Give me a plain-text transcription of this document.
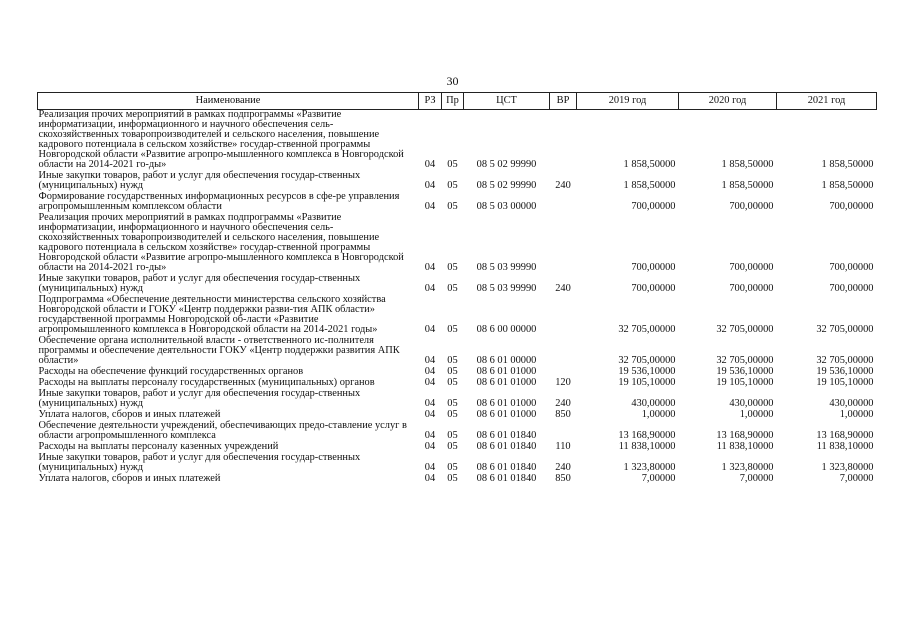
30
Наименование	РЗ	Пр	ЦСТ	ВР	2019 год	2020 год	2021 год
Реализация прочих мероприятий в рамках подпрограммы «Развитие информатизации, информационного и научного обеспечения сель-скохозяйственных товаропроизводителей и сельского населения, повышение кадрового потенциала в сельском хозяйстве» государ-ственной программы Новгородской области «Развитие агропро-мышленного комплекса в Новгородской области на 2014-2021 го-ды»	04	05	08 5 02 99990		1 858,50000	1 858,50000	1 858,50000
Иные закупки товаров, работ и услуг для обеспечения государ-ственных (муниципальных) нужд	04	05	08 5 02 99990	240	1 858,50000	1 858,50000	1 858,50000
Формирование государственных информационных ресурсов в сфе-ре управления агропромышленным комплексом области	04	05	08 5 03 00000		700,00000	700,00000	700,00000
Реализация прочих мероприятий в рамках подпрограммы «Развитие информатизации, информационного и научного обеспечения сель-скохозяйственных товаропроизводителей и сельского населения, повышение кадрового потенциала в сельском хозяйстве» государ-ственной программы Новгородской области «Развитие агропро-мышленного комплекса в Новгородской области на 2014-2021 го-ды»	04	05	08 5 03 99990		700,00000	700,00000	700,00000
Иные закупки товаров, работ и услуг для обеспечения государ-ственных (муниципальных) нужд	04	05	08 5 03 99990	240	700,00000	700,00000	700,00000
Подпрограмма «Обеспечение деятельности министерства сельского хозяйства Новгородской области и ГОКУ «Центр поддержки разви-тия АПК области» государственной программы Новгородской об-ласти «Развитие агропромышленного комплекса в Новгородской области на 2014-2021 годы»	04	05	08 6 00 00000		32 705,00000	32 705,00000	32 705,00000
Обеспечение органа исполнительной власти - ответственного ис-полнителя программы и обеспечение деятельности ГОКУ «Центр поддержки развития АПК области»	04	05	08 6 01 00000		32 705,00000	32 705,00000	32 705,00000
Расходы на обеспечение функций государственных органов	04	05	08 6 01 01000		19 536,10000	19 536,10000	19 536,10000
Расходы на выплаты персоналу государственных (муниципальных) органов	04	05	08 6 01 01000	120	19 105,10000	19 105,10000	19 105,10000
Иные закупки товаров, работ и услуг для обеспечения государ-ственных (муниципальных) нужд	04	05	08 6 01 01000	240	430,00000	430,00000	430,00000
Уплата налогов, сборов и иных платежей	04	05	08 6 01 01000	850	1,00000	1,00000	1,00000
Обеспечение деятельности учреждений, обеспечивающих предо-ставление услуг в области агропромышленного комплекса	04	05	08 6 01 01840		13 168,90000	13 168,90000	13 168,90000
Расходы на выплаты персоналу казенных учреждений	04	05	08 6 01 01840	110	11 838,10000	11 838,10000	11 838,10000
Иные закупки товаров, работ и услуг для обеспечения государ-ственных (муниципальных) нужд	04	05	08 6 01 01840	240	1 323,80000	1 323,80000	1 323,80000
Уплата налогов, сборов и иных платежей	04	05	08 6 01 01840	850	7,00000	7,00000	7,00000
